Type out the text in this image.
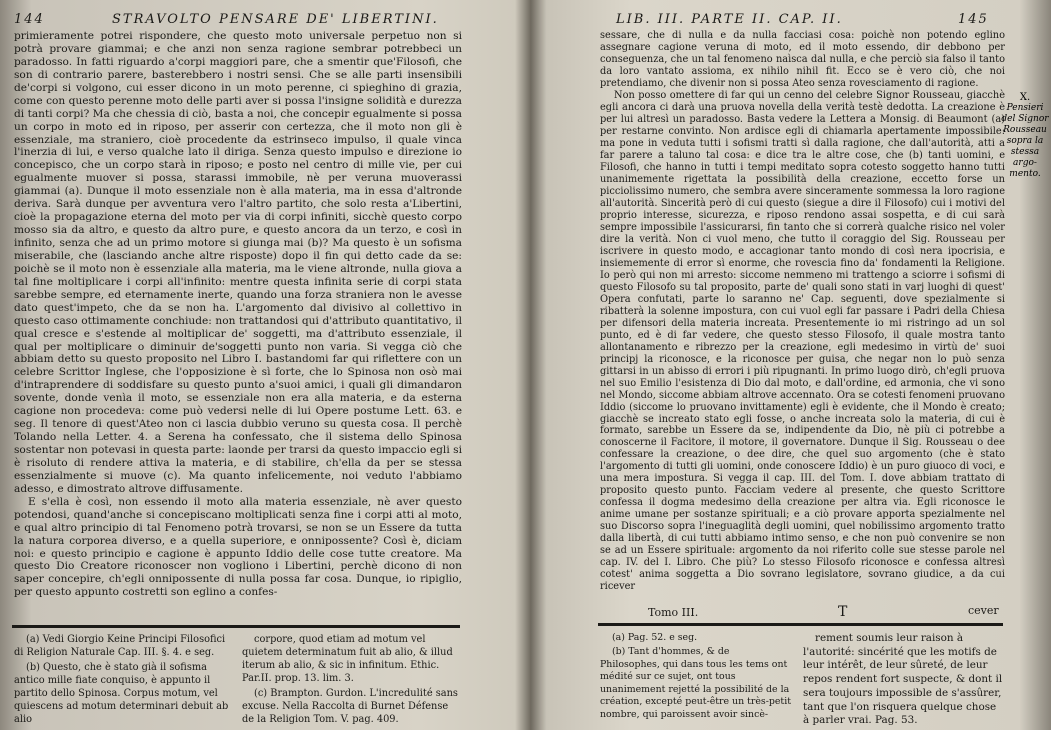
144	STRAVOLTO PENSARE DE' LIBERTINI.

primieramente potrei rispondere, che questo moto universale perpetuo non si potrà provare giammai; e che anzi non senza ragione sembrar potrebbeci un paradosso. In fatti riguardo a'corpi maggiori pare, che a smentir que'Filosofi, che son di contrario parere, basterebbero i nostri sensi. Che se alle parti insensibili de'corpi si volgono, cui esser dicono in un moto perenne, ci spieghino di grazia, come con questo perenne moto delle parti aver si possa l'insigne solidità e durezza di tanti corpi? Ma che chessia di ciò, basta a noi, che concepir egualmente si possa un corpo in moto ed in riposo, per asserir con certezza, che il moto non gli è essenziale, ma straniero, cioè procedente da estrinseco impulso, il quale vinca l'inerzia di lui, e verso qualche lato il diriga. Senza questo impulso e direzione io concepisco, che un corpo starà in riposo; e posto nel centro di mille vie, per cui egualmente muover si possa, starassi immobile, nè per veruna muoverassi giammai (a). Dunque il moto essenziale non è alla materia, ma in essa d'altronde deriva. Sarà dunque per avventura vero l'altro partito, che solo resta a'Libertini, cioè la propagazione eterna del moto per via di corpi infiniti, sicchè questo corpo mosso sia da altro, e questo da altro pure, e questo ancora da un terzo, e così in infinito, senza che ad un primo motore si giunga mai (b)? Ma questo è un sofisma miserabile, che (lasciando anche altre risposte) dopo il fin qui detto cade da se: poichè se il moto non è essenziale alla materia, ma le viene altronde, nulla giova a tal fine moltiplicare i corpi all'infinito: mentre questa infinita serie di corpi stata sarebbe sempre, ed eternamente inerte, quando una forza straniera non le avesse dato quest'impeto, che da se non ha. L'argomento dal divisivo al collettivo in questo caso ottimamente conchiude: non trattandosi qui d'attributo quantitativo, il qual cresce e s'estende al moltiplicar de' soggetti, ma d'attributo essenziale, il qual per moltiplicare o diminuir de'soggetti punto non varia. Si vegga ciò che abbiam detto su questo proposito nel Libro I. bastandomi far qui riflettere con un celebre Scrittor Inglese, che l'opposizione è sì forte, che lo Spinosa non osò mai d'intraprendere di soddisfare su questo punto a'suoi amici, i quali gli dimandaron sovente, donde venìa il moto, se essenziale non era alla materia, e da esterna cagione non procedeva: come può vedersi nelle di lui Opere postume Lett. 63. e seg. Il tenore di quest'Ateo non ci lascia dubbio veruno su questa cosa. Il perchè Tolando nella Letter. 4. a Serena ha confessato, che il sistema dello Spinosa sostentar non potevasi in questa parte: laonde per trarsi da questo impaccio egli si è risoluto di rendere attiva la materia, e di stabilire, ch'ella da per se stessa essenzialmente si muove (c). Ma quanto infelicemente, noi veduto l'abbiamo adesso, e dimostrato altrove diffusamente.

E s'ella è così, non essendo il moto alla materia essenziale, nè aver questo potendosi, quand'anche si concepiscano moltiplicati senza fine i corpi atti al moto, e qual altro principio di tal Fenomeno potrà trovarsi, se non se un Essere da tutta la natura corporea diverso, e a quella superiore, e onnipossente? Così è, diciam noi: e questo principio e cagione è appunto Iddio delle cose tutte creatore. Ma questo Dio Creatore riconoscer non vogliono i Libertini, perchè dicono di non saper concepire, ch'egli onnipossente di nulla possa far cosa. Dunque, io ripiglio, per questo appunto costretti son eglino a confes-

(a) Vedi Giorgio Keine Principi Filosofici di Religion Naturale Cap. III. §. 4. e seg.

(b) Questo, che è stato già il sofisma antico mille fiate conquiso, è appunto il partito dello Spinosa. Corpus motum, vel quiescens ad motum determinari debuit ab alio

corpore, quod etiam ad motum vel quietem determinatum fuit ab alio, & illud iterum ab alio, & sic in infinitum. Ethic. Par.II. prop. 13. lim. 3.

(c) Brampton. Gurdon. L'incredulité sans excuse. Nella Raccolta di Burnet Défense de la Religion Tom. V. pag. 409.

LIB. III. PARTE II. CAP. II.	145

sessare, che di nulla e da nulla facciasi cosa: poichè non potendo eglino assegnare cagione veruna di moto, ed il moto essendo, dir debbono per conseguenza, che un tal fenomeno naìsca dal nulla, e che perciò sia falso il tanto da loro vantato assioma, ex nihilo nihil fit. Ecco se è vero ciò, che noi pretendiamo, che divenir non si possa Ateo senza rovesciamento di ragione.

Non posso omettere di far qui un cenno del celebre Signor Rousseau, giacchè egli ancora ci darà una pruova novella della verità testè dedotta. La creazione è per lui altresì un paradosso. Basta vedere la Lettera a Monsig. di Beaumont (a) per restarne convinto. Non ardisce egli di chiamarla apertamente impossibile: ma pone in veduta tutti i sofismi tratti sì dalla ragione, che dall'autorità, atti a far parere a taluno tal cosa: e dice tra le altre cose, che (b) tanti uomini, e Filosofi, che hanno in tutti i tempi meditato sopra cotesto soggetto hanno tutti unanimemente rigettata la possibilità della creazione, eccetto forse un picciolissimo numero, che sembra avere sinceramente sommessa la loro ragione all'autorità. Sincerità però di cui questo (siegue a dire il Filosofo) cui i motivi del proprio interesse, sicurezza, e riposo rendono assai sospetta, e di cui sarà sempre impossibile l'assicurarsi, fin tanto che si correrà qualche risico nel voler dire la verità. Non ci vuol meno, che tutto il coraggio del Sig. Rousseau per iscrivere in questo modo, e accagionar tanto mondo di così nera ipocrisia, e insiememente di error sì enorme, che rovescia fino da' fondamenti la Religione. Io però qui non mi arresto: siccome nemmeno mi trattengo a sciorre i sofismi di questo Filosofo su tal proposito, parte de' quali sono stati in varj luoghi di quest' Opera confutati, parte lo saranno ne' Cap. seguenti, dove spezialmente si ribatterà la solenne impostura, con cui vuol egli far passare i Padri della Chiesa per difensori della materia increata. Presentemente io mi ristringo ad un sol punto, ed è di far vedere, che questo stesso Filosofo, il quale mostra tanto allontanamento e ribrezzo per la creazione, egli medesimo in virtù de' suoi principj la riconosce, e la riconosce per guisa, che negar non lo può senza gittarsi in un abisso di errori i più ripugnanti. In primo luogo dirò, ch'egli pruova nel suo Emilio l'esistenza di Dio dal moto, e dall'ordine, ed armonia, che vi sono nel Mondo, siccome abbiam altrove accennato. Ora se cotesti fenomeni pruovano Iddio (siccome lo pruovano invittamente) egli è evidente, che il Mondo è creato; giacchè se increato stato egli fosse, o anche increata solo la materia, di cui è formato, sarebbe un Essere da se, indipendente da Dio, nè più ci potrebbe a conoscerne il Facitore, il motore, il governatore. Dunque il Sig. Rousseau o dee confessare la creazione, o dee dire, che quel suo argomento (che è stato l'argomento di tutti gli uomini, onde conoscere Iddio) è un puro giuoco di voci, e una mera impostura. Si vegga il cap. III. del Tom. I. dove abbiam trattato di proposito questo punto. Facciam vedere al presente, che questo Scrittore confessa il dogma medesimo della creazione per altra via. Egli riconosce le anime umane per sostanze spirituali; e a ciò provare apporta spezialmente nel suo Discorso sopra l'ineguaglità degli uomini, quel nobilissimo argomento tratto dalla libertà, di cui tutti abbiamo intimo senso, e che non può convenire se non se ad un Essere spirituale: argomento da noi riferito colle sue stesse parole nel cap. IV. del I. Libro. Che più? Lo stesso Filosofo riconosce e confessa altresì cotest' anima soggetta a Dio sovrano legislatore, sovrano giudice, a da cui ricever

Tomo III.	T	cever

(a) Pag. 52. e seg.

(b) Tant d'hommes, & de Philosophes, qui dans tous les tems ont médité sur ce sujet, ont tous unanimement rejetté la possibilité de la création, excepté peut-être un très-petit nombre, qui paroissent avoir sincè-

rement soumis leur raison à l'autorité: sincérité que les motifs de leur intérêt, de leur sûreté, de leur repos rendent fort suspecte, & dont il sera toujours impossible de s'assûrer, tant que l'on risquera quelque chose à parler vrai. Pag. 53.

X.
Pensieri
del Signor
Rousseau
sopra la
stessa argo-
mento.
